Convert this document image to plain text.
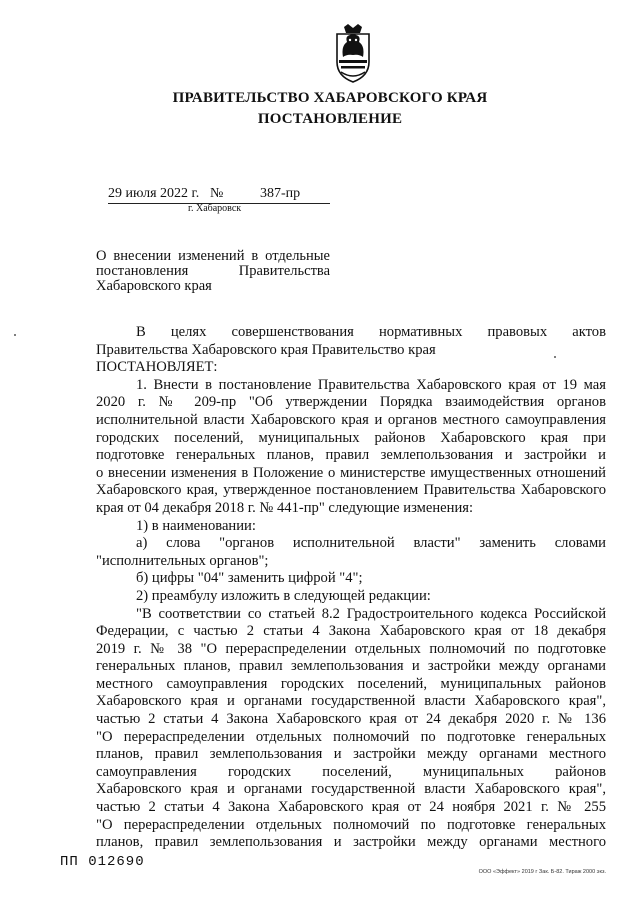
ПРАВИТЕЛЬСТВО ХАБАРОВСКОГО КРАЯ
ПОСТАНОВЛЕНИЕ
29 июля 2022 г. №	387-пр
г. Хабаровск
О внесении изменений в отдельные
постановления Правительства
Хабаровского края
В целях совершенствования нормативных правовых актов
Правительства Хабаровского края Правительство края
ПОСТАНОВЛЯЕТ:
1. Внести в постановление Правительства Хабаровского края от 19 мая
2020 г. № 209-пр "Об утверждении Порядка взаимодействия органов
исполнительной власти Хабаровского края и органов местного самоуправления
городских поселений, муниципальных районов Хабаровского края при
подготовке генеральных планов, правил землепользования и застройки и
о внесении изменения в Положение о министерстве имущественных отношений
Хабаровского края, утвержденное постановлением Правительства Хабаровского
края от 04 декабря 2018 г. № 441-пр" следующие изменения:
1) в наименовании:
а) слова "органов исполнительной власти" заменить словами
"исполнительных органов";
б) цифры "04" заменить цифрой "4";
2) преамбулу изложить в следующей редакции:
"В соответствии со статьей 8.2 Градостроительного кодекса Российской
Федерации, с частью 2 статьи 4 Закона Хабаровского края от 18 декабря
2019 г. № 38 "О перераспределении отдельных полномочий по подготовке
генеральных планов, правил землепользования и застройки между органами
местного самоуправления городских поселений, муниципальных районов
Хабаровского края и органами государственной власти Хабаровского края",
частью 2 статьи 4 Закона Хабаровского края от 24 декабря 2020 г. № 136
"О перераспределении отдельных полномочий по подготовке генеральных
планов, правил землепользования и застройки между органами местного
самоуправления городских поселений, муниципальных районов
Хабаровского края и органами государственной власти Хабаровского края",
частью 2 статьи 4 Закона Хабаровского края от 24 ноября 2021 г. № 255
"О перераспределении отдельных полномочий по подготовке генеральных
планов, правил землепользования и застройки между органами местного
ПП 012690
ООО «Эффект» 2019 г Зак. Б-82. Тираж 2000 экз.
